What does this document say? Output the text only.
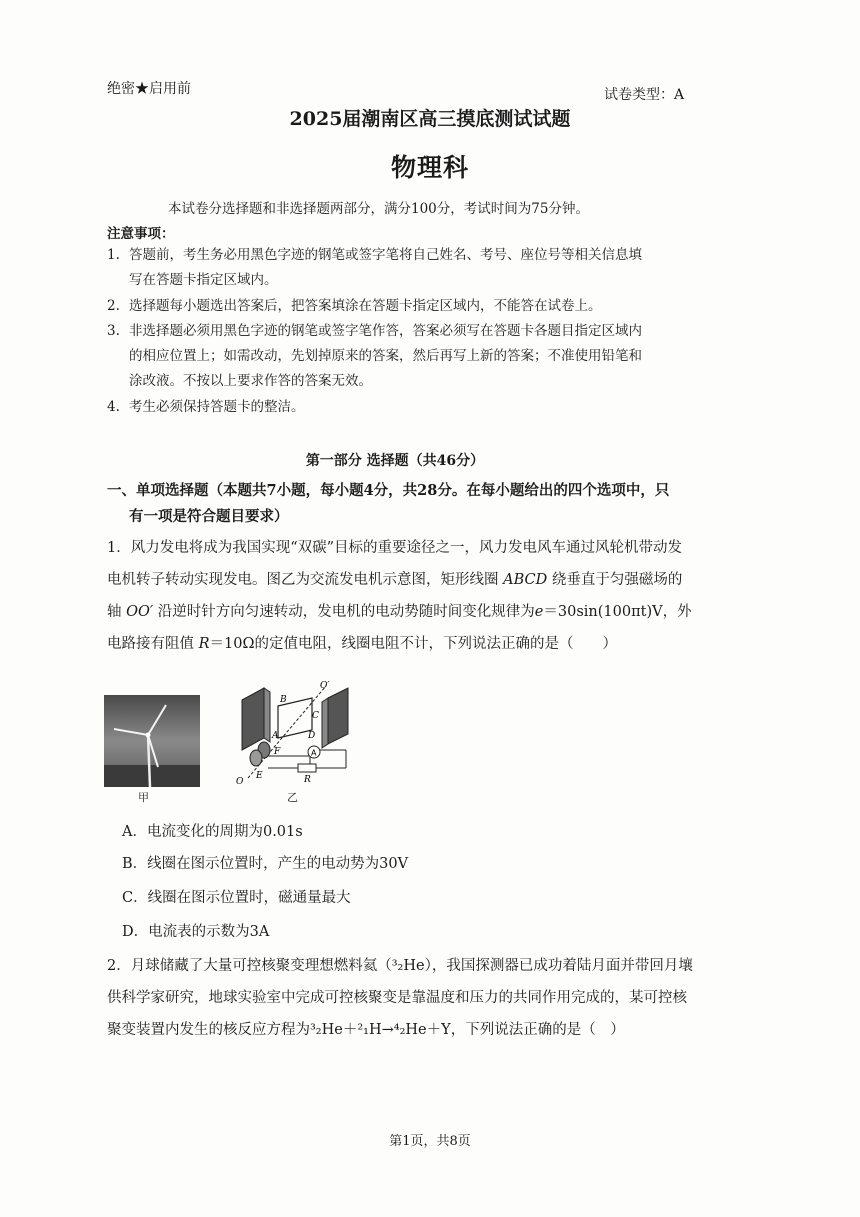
绝密★启用前	试卷类型：A
2025届潮南区高三摸底测试试题
物理科
本试卷分选择题和非选择题两部分，满分100分，考试时间为75分钟。
注意事项：
1. 答题前，考生务必用黑色字迹的钢笔或签字笔将自己姓名、考号、座位号等相关信息填
写在答题卡指定区域内。
2. 选择题每小题选出答案后，把答案填涂在答题卡指定区域内，不能答在试卷上。
3. 非选择题必须用黑色字迹的钢笔或签字笔作答，答案必须写在答题卡各题目指定区域内
的相应位置上；如需改动，先划掉原来的答案，然后再写上新的答案；不准使用铅笔和
涂改液。不按以上要求作答的答案无效。
4. 考生必须保持答题卡的整洁。
第一部分 选择题（共46分）
一、单项选择题（本题共7小题，每小题4分，共28分。在每小题给出的四个选项中，只
有一项是符合题目要求）
1．风力发电将成为我国实现“双碳”目标的重要途径之一，风力发电风车通过风轮机带动发
电机转子转动实现发电。图乙为交流发电机示意图，矩形线圈 ABCD 绕垂直于匀强磁场的
轴 OO′ 沿逆时针方向匀速转动，发电机的电动势随时间变化规律为e＝30sin(100πt)V，外
电路接有阻值 R＝10Ω的定值电阻，线圈电阻不计，下列说法正确的是（　　）
甲
A
B
C
D
A
F
E
O
O′
R
乙
A．电流变化的周期为0.01s
B．线圈在图示位置时，产生的电动势为30V
C．线圈在图示位置时，磁通量最大
D．电流表的示数为3A
2．月球储藏了大量可控核聚变理想燃料氦（³₂He），我国探测器已成功着陆月面并带回月壤
供科学家研究，地球实验室中完成可控核聚变是靠温度和压力的共同作用完成的，某可控核
聚变装置内发生的核反应方程为³₂He＋²₁H→⁴₂He＋Y，下列说法正确的是（　）
第1页，共8页
